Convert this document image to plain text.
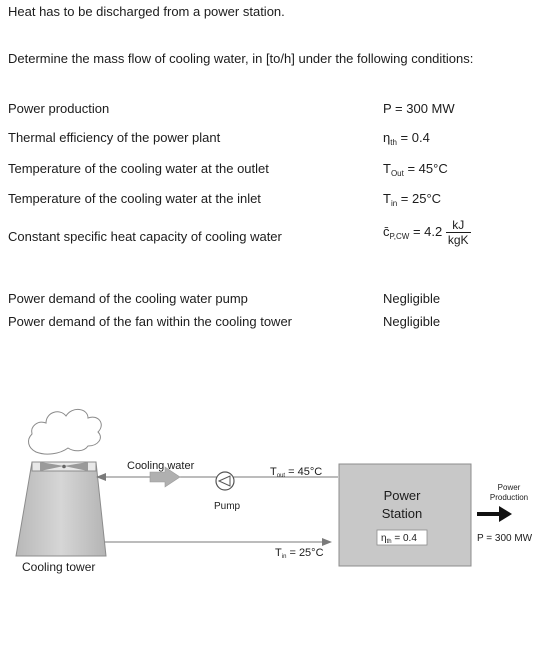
Heat has to be discharged from a power station.
Determine the mass flow of cooling water, in [to/h] under the following conditions:
Power production	P = 300 MW
Thermal efficiency of the power plant	$\eta_{th} = 0.4$
Temperature of the cooling water at the outlet	$T_{Out} = 45^\circ C$
Temperature of the cooling water at the inlet	$T_{in} = 25^\circ C$
Constant specific heat capacity of cooling water	$c̄_{P,CW} = 4.2 \frac{kJ}{\text{kgK}}$
Power demand of the cooling water pump	Negligible
Power demand of the fan within the cooling tower	Negligible
Cooling water
Pump
Cooling tower
Tout = 45°C
Tin = 25°C
Power
Station
$\eta_{th} = 0.4$
Power
Production
P = 300 MW
